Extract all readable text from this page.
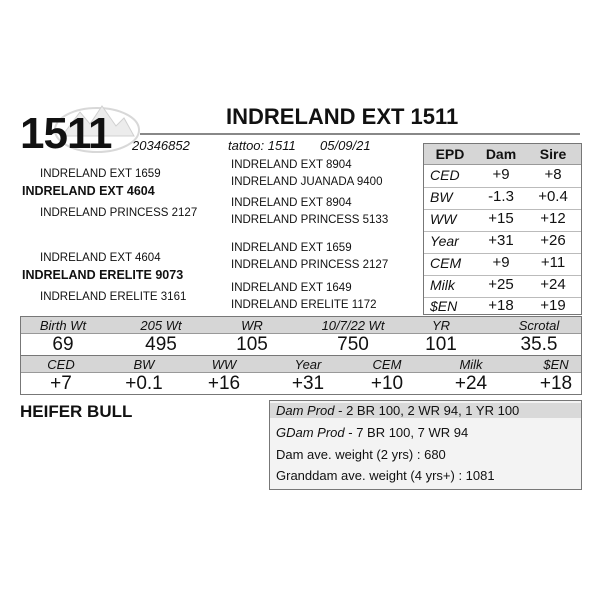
1511	INDRELAND EXT 1511
20346852	tattoo: 1511 05/09/21
INDRELAND EXT 1659
INDRELAND EXT 4604
INDRELAND PRINCESS 2127
INDRELAND EXT 4604
INDRELAND ERELITE 9073
INDRELAND ERELITE 3161
INDRELAND EXT 8904
INDRELAND JUANADA 9400
INDRELAND EXT 8904
INDRELAND PRINCESS 5133
INDRELAND EXT 1659
INDRELAND PRINCESS 2127
INDRELAND EXT 1649
INDRELAND ERELITE 1172
EPD	Dam	Sire
CED	+9	+8
BW	-1.3	+0.4
WW	+15	+12
Year	+31	+26
CEM	+9	+11
Milk	+25	+24
$EN	+18	+19
Birth Wt	205 Wt	WR	10/7/22 Wt	YR	Scrotal
69	495	105	750	101	35.5
CED	BW	WW	Year	CEM	Milk	$EN
+7	+0.1	+16	+31	+10	+24	+18
HEIFER BULL	Dam Prod - 2 BR 100, 2 WR 94, 1 YR 100
GDam Prod - 7 BR 100, 7 WR 94
Dam ave. weight (2 yrs) : 680
Granddam ave. weight (4 yrs+) : 1081
